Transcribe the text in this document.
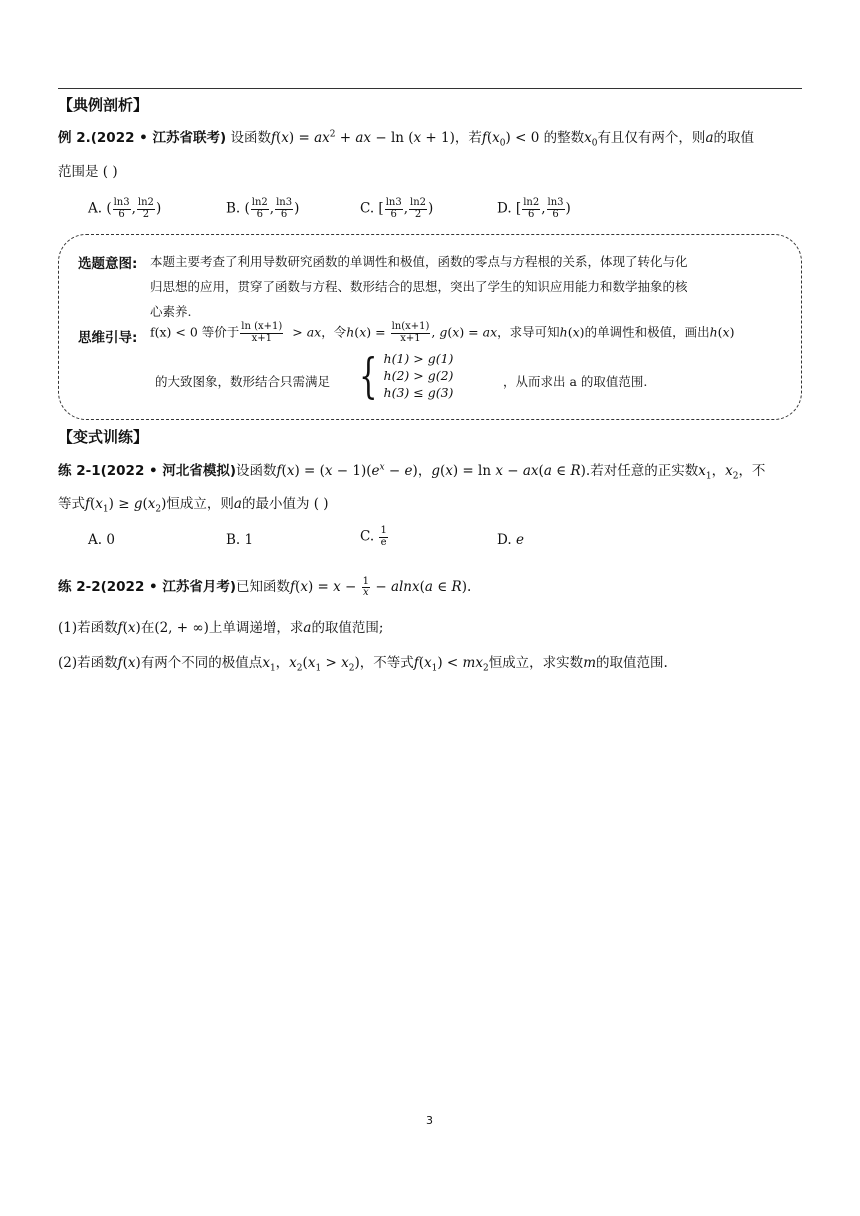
【典例剖析】
例 2.(2022 • 江苏省联考) 设函数$f(x) = ax^2$ + ax − ln (x + 1)，若$f(x_0) < 0$ 的整数$x_0$有且仅有两个，则a的取值
范围是 ( )
A. ( $\frac{\ln 3}{6}$ , $\frac{\ln 2}{2}$ )	B. ( $\frac{\ln 2}{6}$ , $\frac{\ln 3}{6}$ )	C. [ $\frac{\ln 3}{6}$ , $\frac{\ln 2}{2}$ )	D. [ $\frac{\ln 2}{6}$ , $\frac{\ln 3}{6}$ )
选题意图: 本题主要考查了利用导数研究函数的单调性和极值，函数的零点与方程根的关系，体现了转化与化
归思想的应用，贯穿了函数与方程、数形结合的思想，突出了学生的知识应用能力和数学抽象的核
心素养.
思维引导: f(x) < 0 等价于 $\frac{\ln (x+1)}{x+1}$ > ax，令$h(x) = \frac{\ln(x+1)}{x+1}$ , g(x) = ax，求导可知h(x)的单调性和极值，画出h(x)
的大致图象，数形结合只需满足 { h(1) > g(1)
h(2) > g(2)
h(3) ≤ g(3)
，从而求出 a 的取值范围.
【变式训练】
练 2-1(2022 • 河北省模拟)设函数$f(x) = (x - 1)(e^x - e)$，g(x) = ln x − ax(a ∈ R).若对任意的正实数$x_1$，$x_2$，不
等式$f(x_1) \ge g(x_2)$恒成立，则a的最小值为 ( )
A. 0	B. 1	C. $\frac{1}{e}$	D. e
练 2-2(2022 • 江苏省月考)已知函数$f(x) = x - \frac{1}{x} - alnx(a$ ∈ R).
(1)若函数f(x)在(2, + ∞)上单调递增，求a的取值范围;
(2)若函数f(x)有两个不同的极值点$x_1$，$x_2(x_1 > x_2)$，不等式$f(x_1) < mx_2$恒成立，求实数m的取值范围.
3
